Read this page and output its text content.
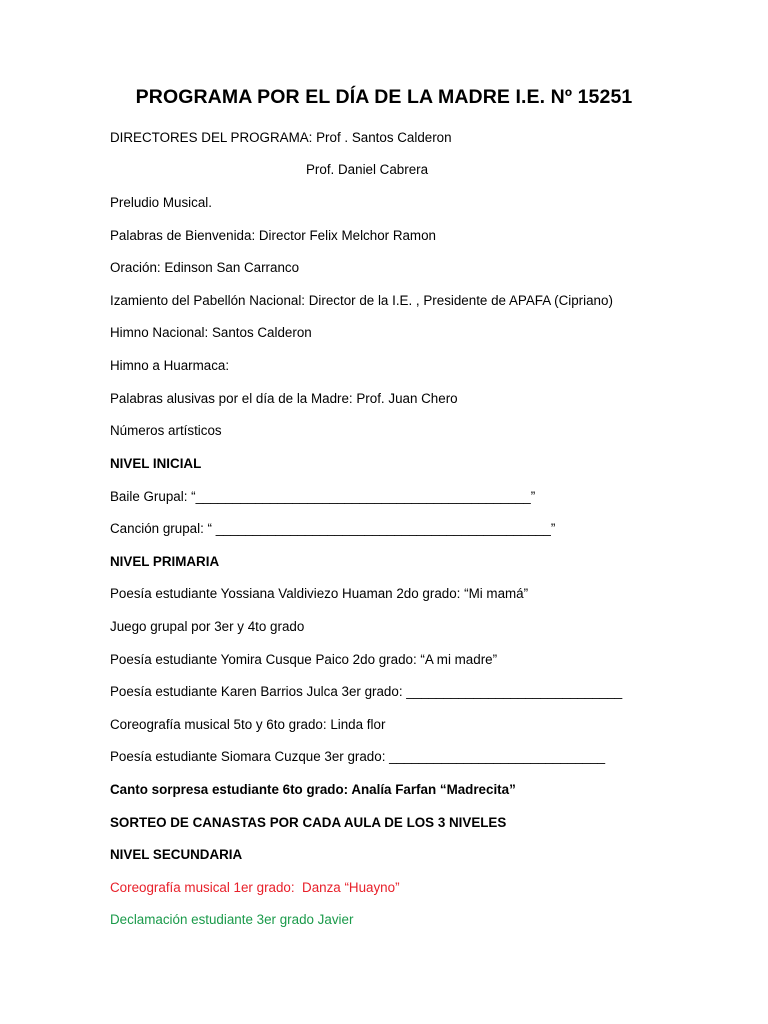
PROGRAMA POR EL DÍA DE LA MADRE I.E. Nº 15251
DIRECTORES DEL PROGRAMA: Prof . Santos Calderon
Prof. Daniel Cabrera
Preludio Musical.
Palabras de Bienvenida: Director Felix Melchor Ramon
Oración: Edinson San Carranco
Izamiento del Pabellón Nacional: Director de la I.E. , Presidente de APAFA (Cipriano)
Himno Nacional: Santos Calderon
Himno a Huarmaca:
Palabras alusivas por el día de la Madre: Prof. Juan Chero
Números artísticos
NIVEL INICIAL
Baile Grupal: “_____________________________________________”
Canción grupal: “ _____________________________________________”
NIVEL PRIMARIA
Poesía estudiante Yossiana Valdiviezo Huaman 2do grado: “Mi mamá”
Juego grupal por 3er y 4to grado
Poesía estudiante Yomira Cusque Paico 2do grado: “A mi madre”
Poesía estudiante Karen Barrios Julca 3er grado: _____________________________
Coreografía musical 5to y 6to grado: Linda flor
Poesía estudiante Siomara Cuzque 3er grado: _____________________________
Canto sorpresa estudiante 6to grado: Analía Farfan “Madrecita”
SORTEO DE CANASTAS POR CADA AULA DE LOS 3 NIVELES
NIVEL SECUNDARIA
Coreografía musical 1er grado:  Danza “Huayno”
Declamación estudiante 3er grado Javier
